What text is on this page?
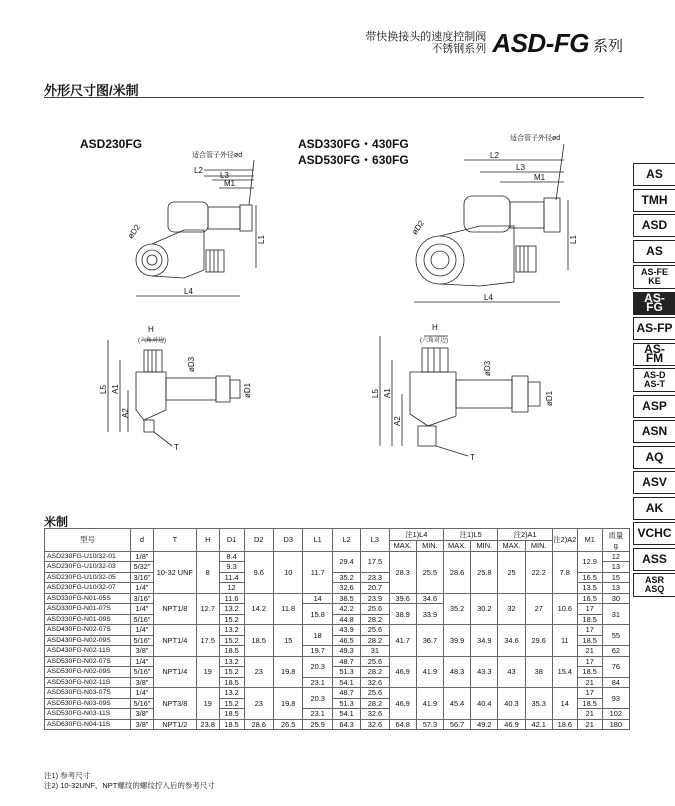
带快换接头的速度控制阀
不锈钢系列 ASD-FG 系列
外形尺寸图/米制
ASD230FG	ASD330FG・430FG
ASD530FG・630FG
适合管子外径ød
L2
L3
M1
øD2	L1
L4
H
(六角对边)
L5 A1
A2
øD3
øD1
T
适合管子外径ød
L2
L3
M1
øD2
L1
L4
H
(六角对边)
L5 A1
A2
øD3
øD1
T
AS
TMH
ASD
AS
AS-FE KE
AS-FG
AS-FP
AS-FM
AS-D AS-T
ASP
ASN
AQ
ASV
AK
VCHC
ASS
ASR ASQ
米制
型号	d	T	H	D1	D2	D3	L1	L2	L3	注1)L4		注1)L5		注2)A1		注2)A2	M1	质量
g
										MAX.	MIN.	MAX.	MIN.	MAX.	MIN.			
ASD230FG-U10/32-01	1/8"	10-32 UNF	8	8.4	9.6	10	11.7	29.4	17.5	28.3	25.5	28.6	25.8	25	22.2	7.8	12.9	12
ASD230FG-U10/32-03	5/32"			9.3														13
ASD230FG-U10/32-05	3/16"			11.4				35.2	23.3								16.5	15
ASD230FG-U10/32-07	1/4"			12				32.6	20.7								13.5	13
ASD330FG-N01-05S	3/16"	NPT1/8	12.7	11.6	14.2	11.8	14	38.5	23.9	39.6	34.6	35.2	30.2	32	27	10.6	16.5	30
ASD330FG-N01-07S	1/4"			13.2			15.8	42.2	25.6	38.9	33.9						17	31
ASD330FG-N01-09S	5/16"			15.2				44.8	28.2								18.5	
ASD430FG-N02-07S	1/4"	NPT1/4	17.5	13.2	18.5	15	18	43.9	25.6	41.7	36.7	39.9	34.9	34.6	29.6	11	17	55
ASD430FG-N02-09S	5/16"			15.2				46.5	28.2								18.5	
ASD430FG-N02-11S	3/8"			18.5			19.7	49.3	31								21	62
ASD530FG-N02-07S	1/4"	NPT1/4	19	13.2	23	19.8	20.3	48.7	25.6	46.9	41.9	48.3	43.3	43	38	15.4	17	76
ASD530FG-N02-09S	5/16"			15.2				51.3	28.2								18.5	
ASD530FG-N02-11S	3/8"			18.5			23.1	54.1	32.6								21	84
ASD530FG-N03-07S	1/4"	NPT3/8	19	13.2	23	19.8	20.3	48.7	25.6	46.9	41.9	45.4	40.4	40.3	35.3	14	17	93
ASD530FG-N03-09S	5/16"			15.2				51.3	28.2								18.5	
ASD530FG-N03-11S	3/8"			18.5			23.1	54.1	32.6								21	102
ASD630FG-N04-11S	3/8"	NPT1/2	23.8	18.5	28.6	26.5	25.9	64.3	32.6	64.8	57.3	56.7	49.2	46.9	42.1	18.6	21	180
注1) 参考尺寸
注2) 10-32UNF、NPT螺纹的螺纹拧入后的参考尺寸
